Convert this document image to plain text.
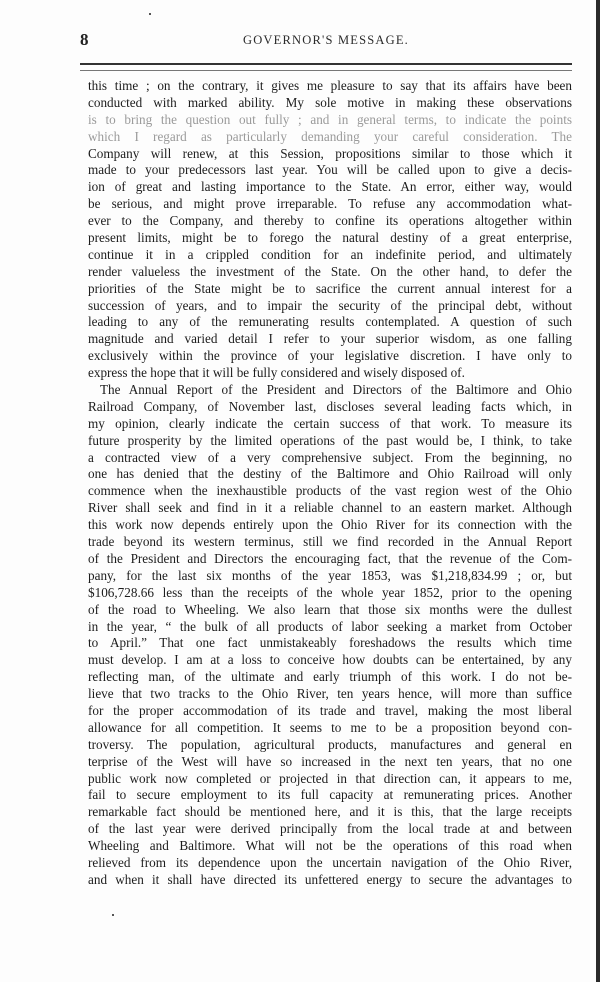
8	GOVERNOR'S MESSAGE.
this time ; on the contrary, it gives me pleasure to say that its affairs have been
conducted with marked ability. My sole motive in making these observations
is to bring the question out fully ; and in general terms, to indicate the points
which I regard as particularly demanding your careful consideration. The
Company will renew, at this Session, propositions similar to those which it
made to your predecessors last year. You will be called upon to give a decis-
ion of great and lasting importance to the State. An error, either way, would
be serious, and might prove irreparable. To refuse any accommodation what-
ever to the Company, and thereby to confine its operations altogether within
present limits, might be to forego the natural destiny of a great enterprise,
continue it in a crippled condition for an indefinite period, and ultimately
render valueless the investment of the State. On the other hand, to defer the
priorities of the State might be to sacrifice the current annual interest for a
succession of years, and to impair the security of the principal debt, without
leading to any of the remunerating results contemplated. A question of such
magnitude and varied detail I refer to your superior wisdom, as one falling
exclusively within the province of your legislative discretion. I have only to
express the hope that it will be fully considered and wisely disposed of.
The Annual Report of the President and Directors of the Baltimore and Ohio
Railroad Company, of November last, discloses several leading facts which, in
my opinion, clearly indicate the certain success of that work. To measure its
future prosperity by the limited operations of the past would be, I think, to take
a contracted view of a very comprehensive subject. From the beginning, no
one has denied that the destiny of the Baltimore and Ohio Railroad will only
commence when the inexhaustible products of the vast region west of the Ohio
River shall seek and find in it a reliable channel to an eastern market. Although
this work now depends entirely upon the Ohio River for its connection with the
trade beyond its western terminus, still we find recorded in the Annual Report
of the President and Directors the encouraging fact, that the revenue of the Com-
pany, for the last six months of the year 1853, was $1,218,834.99 ; or, but
$106,728.66 less than the receipts of the whole year 1852, prior to the opening
of the road to Wheeling. We also learn that those six months were the dullest
in the year, “ the bulk of all products of labor seeking a market from October
to April.” That one fact unmistakeably foreshadows the results which time
must develop. I am at a loss to conceive how doubts can be entertained, by any
reflecting man, of the ultimate and early triumph of this work. I do not be-
lieve that two tracks to the Ohio River, ten years hence, will more than suffice
for the proper accommodation of its trade and travel, making the most liberal
allowance for all competition. It seems to me to be a proposition beyond con-
troversy. The population, agricultural products, manufactures and general en
terprise of the West will have so increased in the next ten years, that no one
public work now completed or projected in that direction can, it appears to me,
fail to secure employment to its full capacity at remunerating prices. Another
remarkable fact should be mentioned here, and it is this, that the large receipts
of the last year were derived principally from the local trade at and between
Wheeling and Baltimore. What will not be the operations of this road when
relieved from its dependence upon the uncertain navigation of the Ohio River,
and when it shall have directed its unfettered energy to secure the advantages to
